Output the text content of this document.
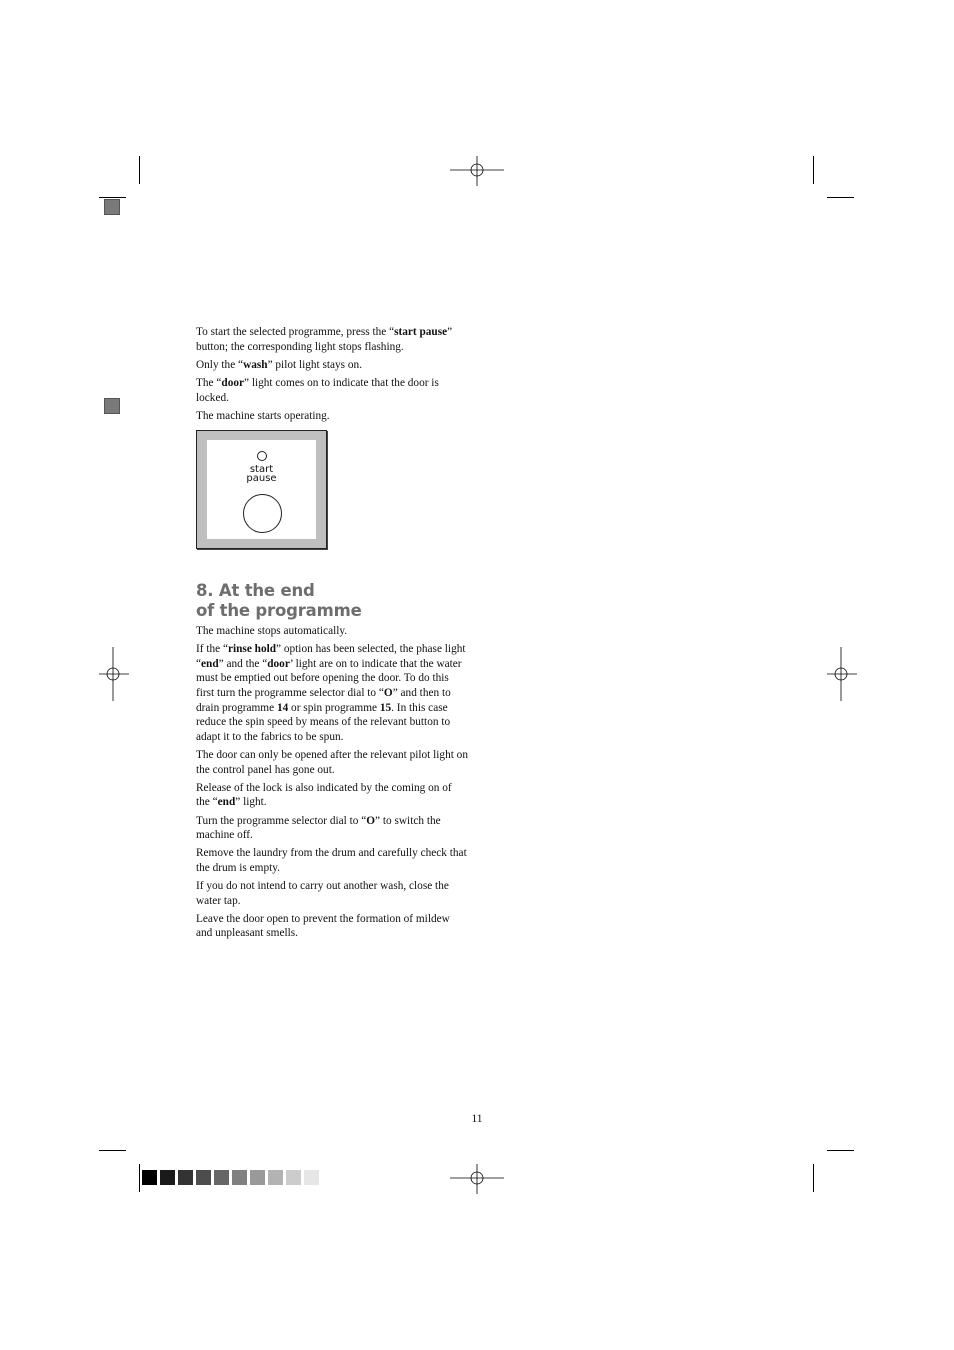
To start the selected programme, press the “start pause” button; the corresponding light stops flashing.

Only the “wash” pilot light stays on.

The “door” light comes on to indicate that the door is locked.

The machine starts operating.

start
pause
8. At the end
of the programme

The machine stops automatically.

If the “rinse hold” option has been selected, the phase light “end” and the “door’ light are on to indicate that the water must be emptied out before opening the door. To do this first turn the programme selector dial to “O” and then to drain programme 14 or spin programme 15. In this case reduce the spin speed by means of the relevant button to adapt it to the fabrics to be spun.

The door can only be opened after the relevant pilot light on the control panel has gone out.

Release of the lock is also indicated by the coming on of the “end” light.

Turn the programme selector dial to “O” to switch the machine off.

Remove the laundry from the drum and carefully check that the drum is empty.

If you do not intend to carry out another wash, close the water tap.

Leave the door open to prevent the formation of mildew and unpleasant smells.

11
